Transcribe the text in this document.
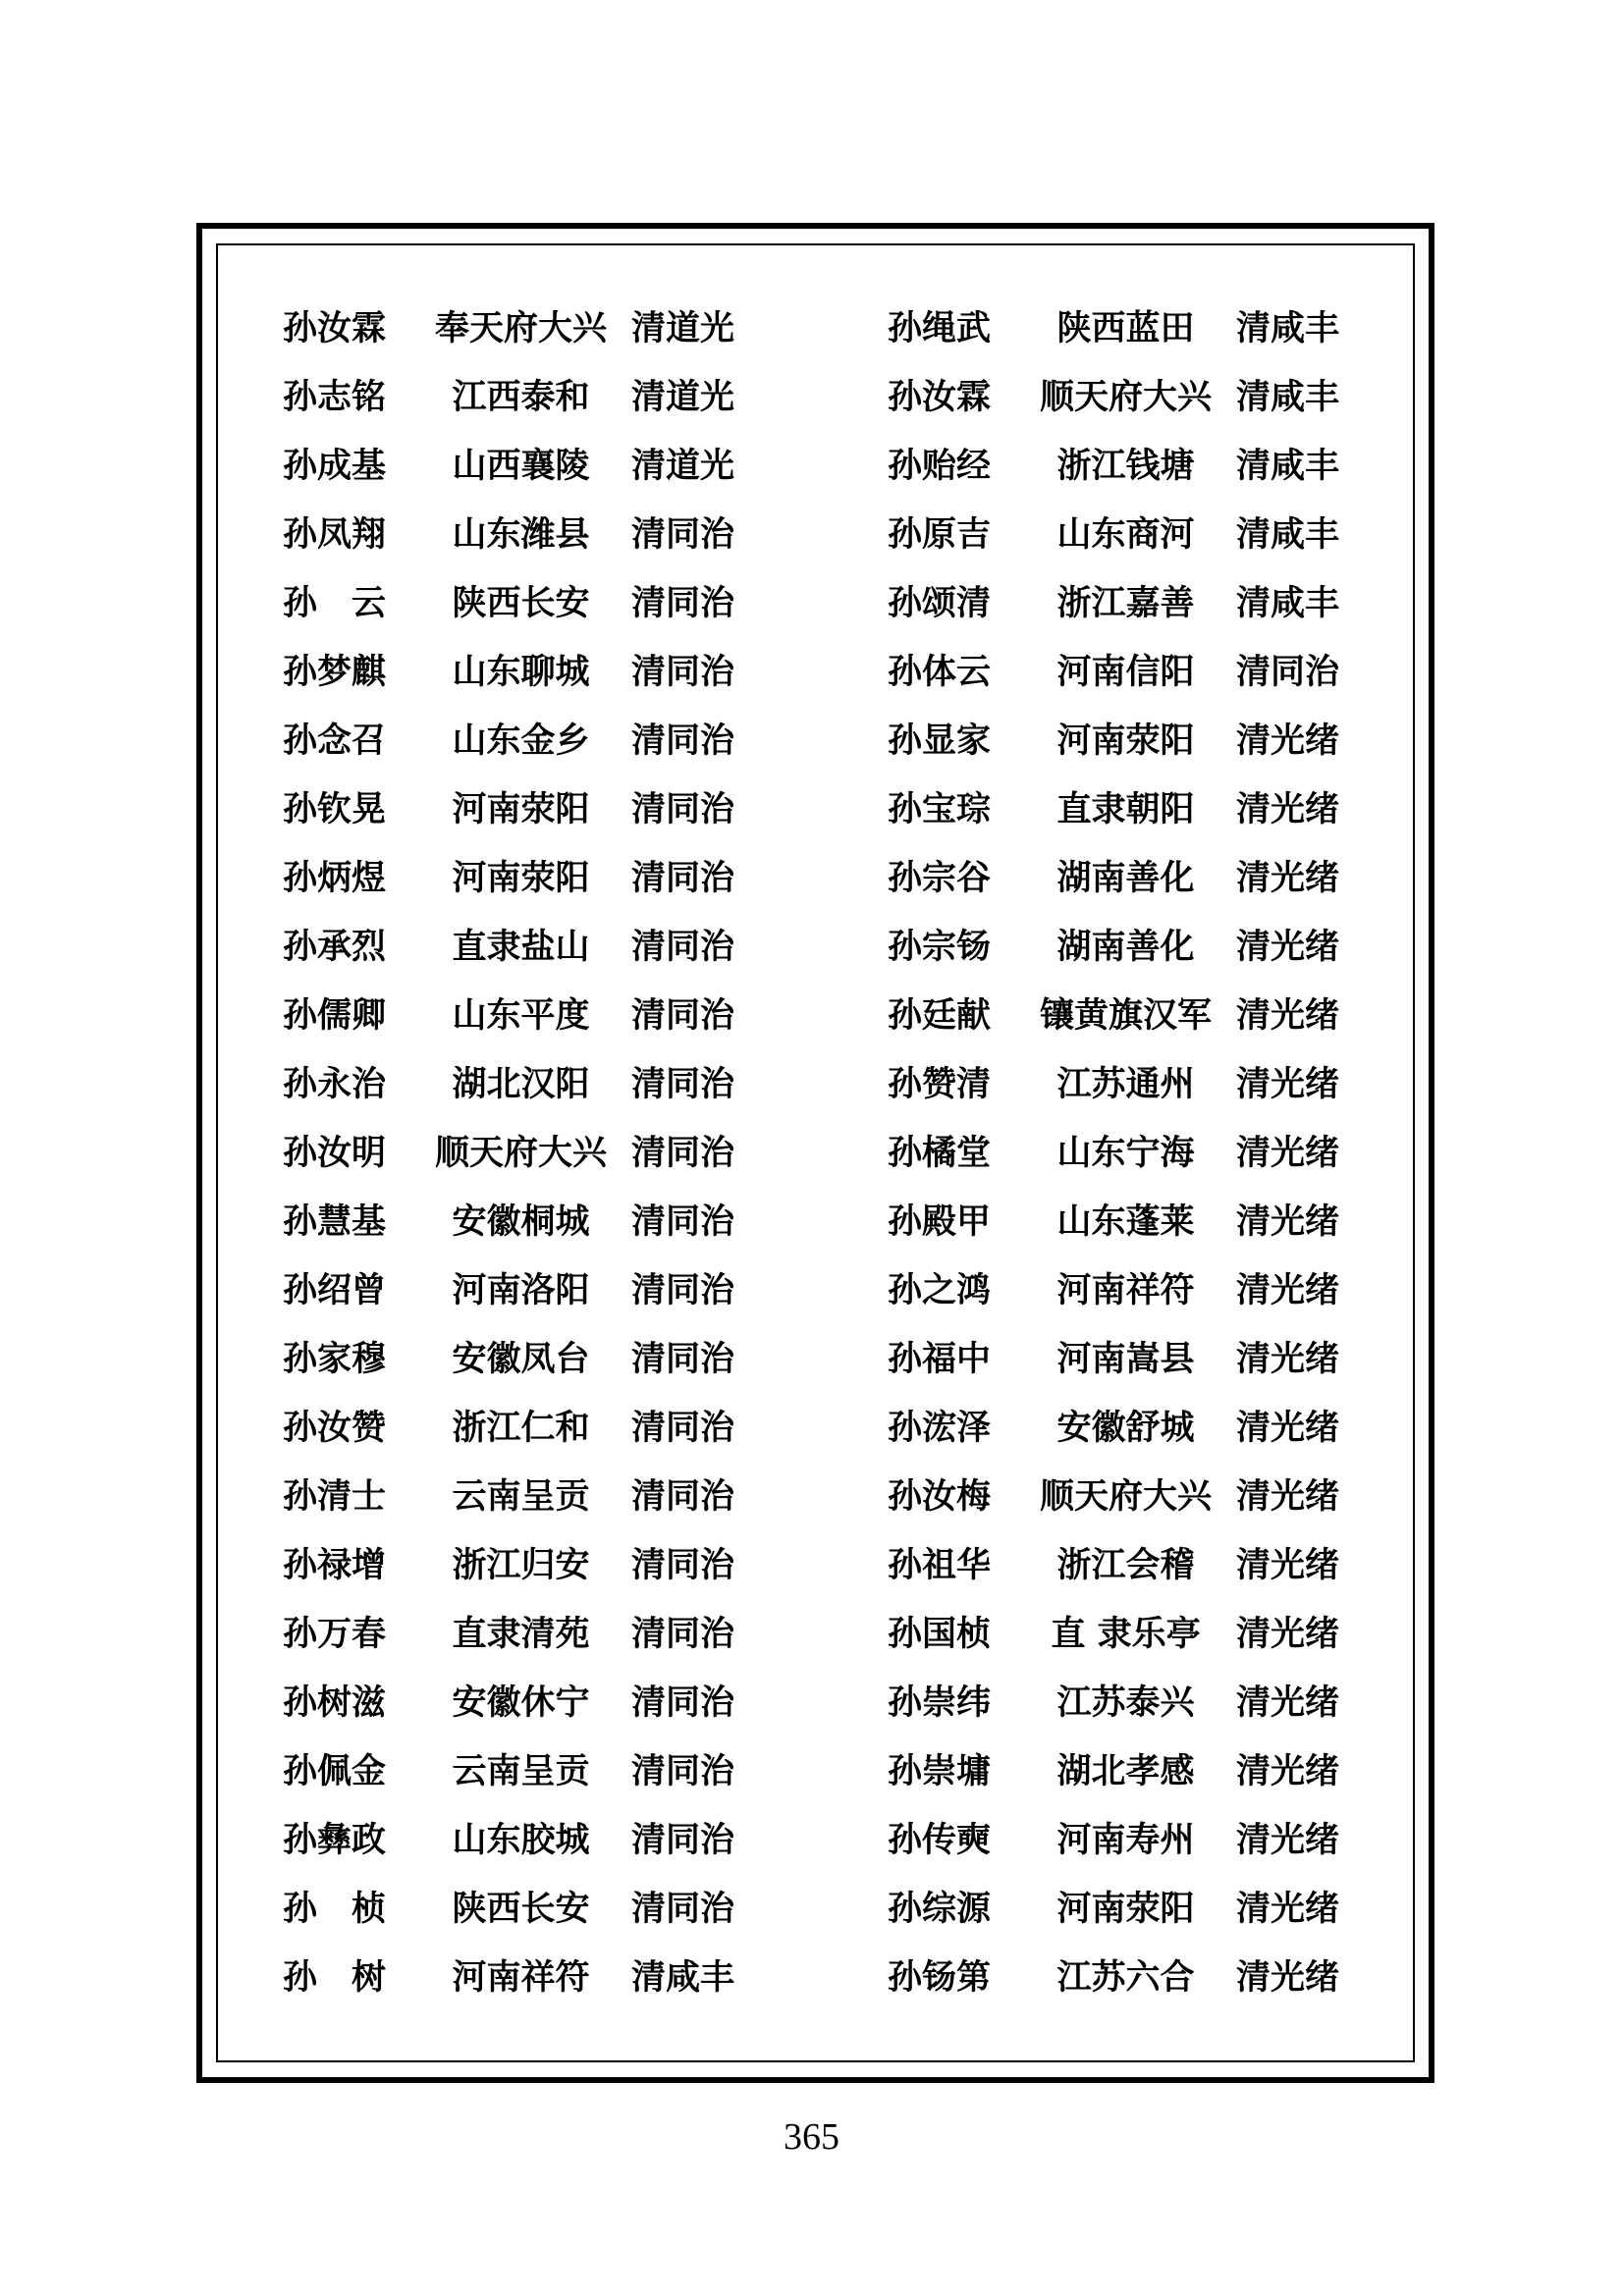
孙汝霖	奉天府大兴 清道光
孙志铭	江西泰和	清道光
孙成基	山西襄陵	清道光
孙凤翔	山东潍县	清同治
孙　云	陕西长安	清同治
孙梦麒	山东聊城	清同治
孙念召	山东金乡	清同治
孙钦晃	河南荥阳	清同治
孙炳煜	河南荥阳	清同治
孙承烈	直隶盐山	清同治
孙儒卿	山东平度	清同治
孙永治	湖北汉阳	清同治
孙汝明	顺天府大兴 清同治
孙慧基	安徽桐城	清同治
孙绍曾	河南洛阳	清同治
孙家穆	安徽凤台	清同治
孙汝赞	浙江仁和	清同治
孙清士	云南呈贡	清同治
孙禄增	浙江归安	清同治
孙万春	直隶清苑	清同治
孙树滋	安徽休宁	清同治
孙佩金	云南呈贡	清同治
孙彝政	山东胶城	清同治
孙　桢	陕西长安	清同治
孙　树	河南祥符	清咸丰
孙绳武	陕西蓝田	清咸丰
孙汝霖	顺天府大兴 清咸丰
孙贻经	浙江钱塘	清咸丰
孙原吉	山东商河	清咸丰
孙颂清	浙江嘉善	清咸丰
孙体云	河南信阳	清同治
孙显家	河南荥阳	清光绪
孙宝琮	直隶朝阳	清光绪
孙宗谷	湖南善化	清光绪
孙宗钖	湖南善化	清光绪
孙廷献	镶黄旗汉军 清光绪
孙赞清	江苏通州	清光绪
孙橘堂	山东宁海	清光绪
孙殿甲	山东蓬莱	清光绪
孙之鸿	河南祥符	清光绪
孙福中	河南嵩县	清光绪
孙浤泽	安徽舒城	清光绪
孙汝梅	顺天府大兴 清光绪
孙祖华	浙江会稽	清光绪
孙国桢	直 隶乐亭	清光绪
孙崇纬	江苏泰兴	清光绪
孙崇墉	湖北孝感	清光绪
孙传奭	河南寿州	清光绪
孙综源	河南荥阳	清光绪
孙钖第	江苏六合	清光绪
365
